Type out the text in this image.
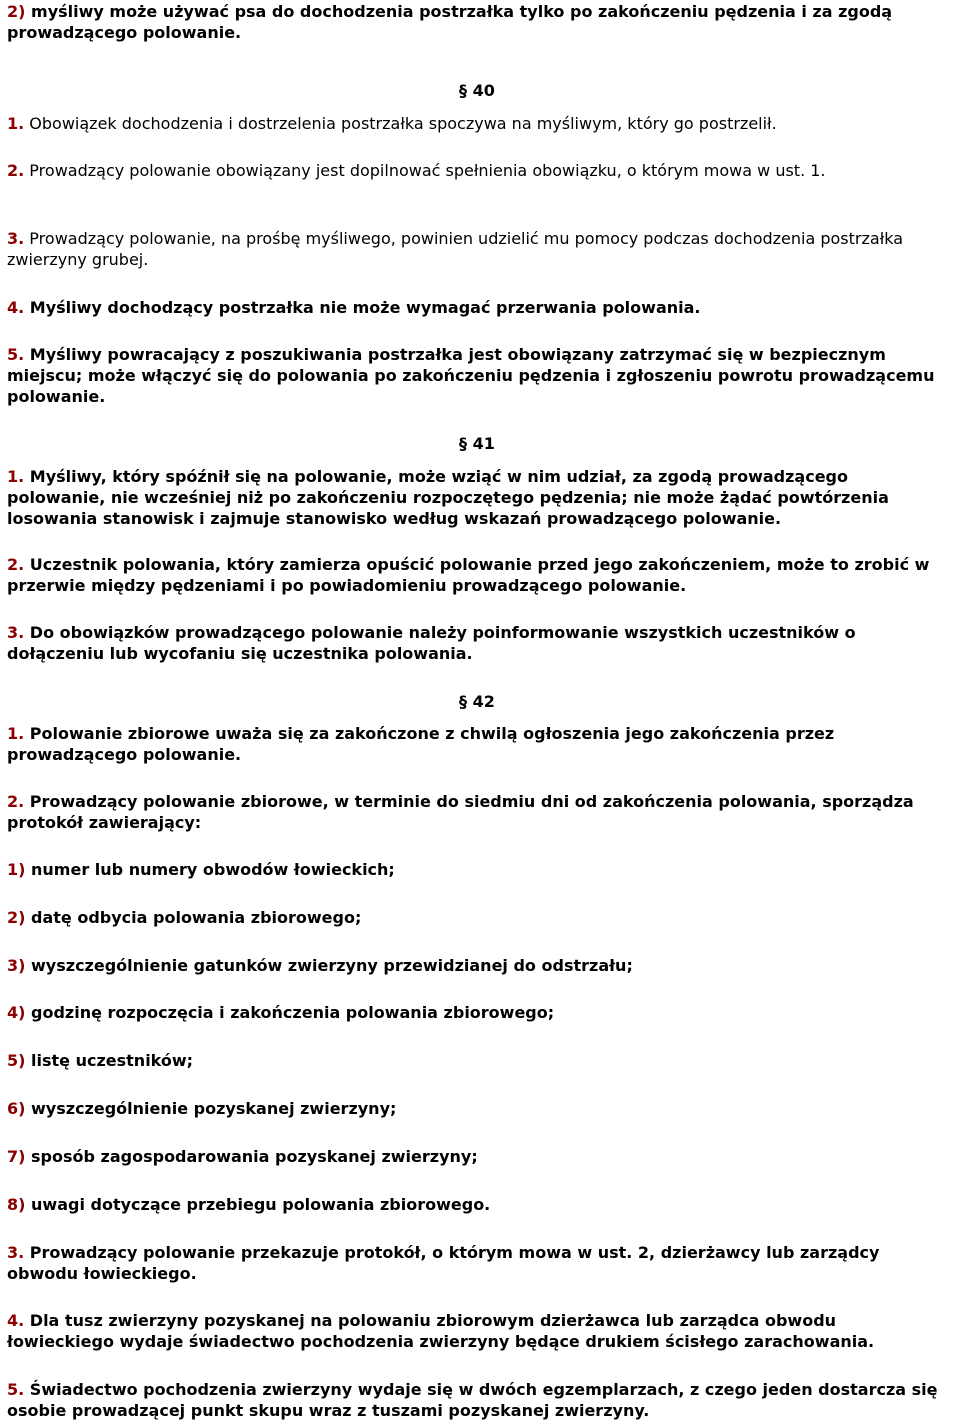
2) myśliwy może używać psa do dochodzenia postrzałka tylko po zakończeniu pędzenia i za zgodą prowadzącego polowanie.
§ 40
1. Obowiązek dochodzenia i dostrzelenia postrzałka spoczywa na myśliwym, który go postrzelił.
2. Prowadzący polowanie obowiązany jest dopilnować spełnienia obowiązku, o którym mowa w ust. 1.
3. Prowadzący polowanie, na prośbę myśliwego, powinien udzielić mu pomocy podczas dochodzenia postrzałka zwierzyny grubej.
4. Myśliwy dochodzący postrzałka nie może wymagać przerwania polowania.
5. Myśliwy powracający z poszukiwania postrzałka jest obowiązany zatrzymać się w bezpiecznym miejscu; może włączyć się do polowania po zakończeniu pędzenia i zgłoszeniu powrotu prowadzącemu polowanie.
§ 41
1. Myśliwy, który spóźnił się na polowanie, może wziąć w nim udział, za zgodą prowadzącego polowanie, nie wcześniej niż po zakończeniu rozpoczętego pędzenia; nie może żądać powtórzenia losowania stanowisk i zajmuje stanowisko według wskazań prowadzącego polowanie.
2. Uczestnik polowania, który zamierza opuścić polowanie przed jego zakończeniem, może to zrobić w przerwie między pędzeniami i po powiadomieniu prowadzącego polowanie.
3. Do obowiązków prowadzącego polowanie należy poinformowanie wszystkich uczestników o dołączeniu lub wycofaniu się uczestnika polowania.
§ 42
1. Polowanie zbiorowe uważa się za zakończone z chwilą ogłoszenia jego zakończenia przez prowadzącego polowanie.
2. Prowadzący polowanie zbiorowe, w terminie do siedmiu dni od zakończenia polowania, sporządza protokół zawierający:
1) numer lub numery obwodów łowieckich;
2) datę odbycia polowania zbiorowego;
3) wyszczególnienie gatunków zwierzyny przewidzianej do odstrzału;
4) godzinę rozpoczęcia i zakończenia polowania zbiorowego;
5) listę uczestników;
6) wyszczególnienie pozyskanej zwierzyny;
7) sposób zagospodarowania pozyskanej zwierzyny;
8) uwagi dotyczące przebiegu polowania zbiorowego.
3. Prowadzący polowanie przekazuje protokół, o którym mowa w ust. 2, dzierżawcy lub zarządcy obwodu łowieckiego.
4. Dla tusz zwierzyny pozyskanej na polowaniu zbiorowym dzierżawca lub zarządca obwodu łowieckiego wydaje świadectwo pochodzenia zwierzyny będące drukiem ścisłego zarachowania.
5. Świadectwo pochodzenia zwierzyny wydaje się w dwóch egzemplarzach, z czego jeden dostarcza się osobie prowadzącej punkt skupu wraz z tuszami pozyskanej zwierzyny.
